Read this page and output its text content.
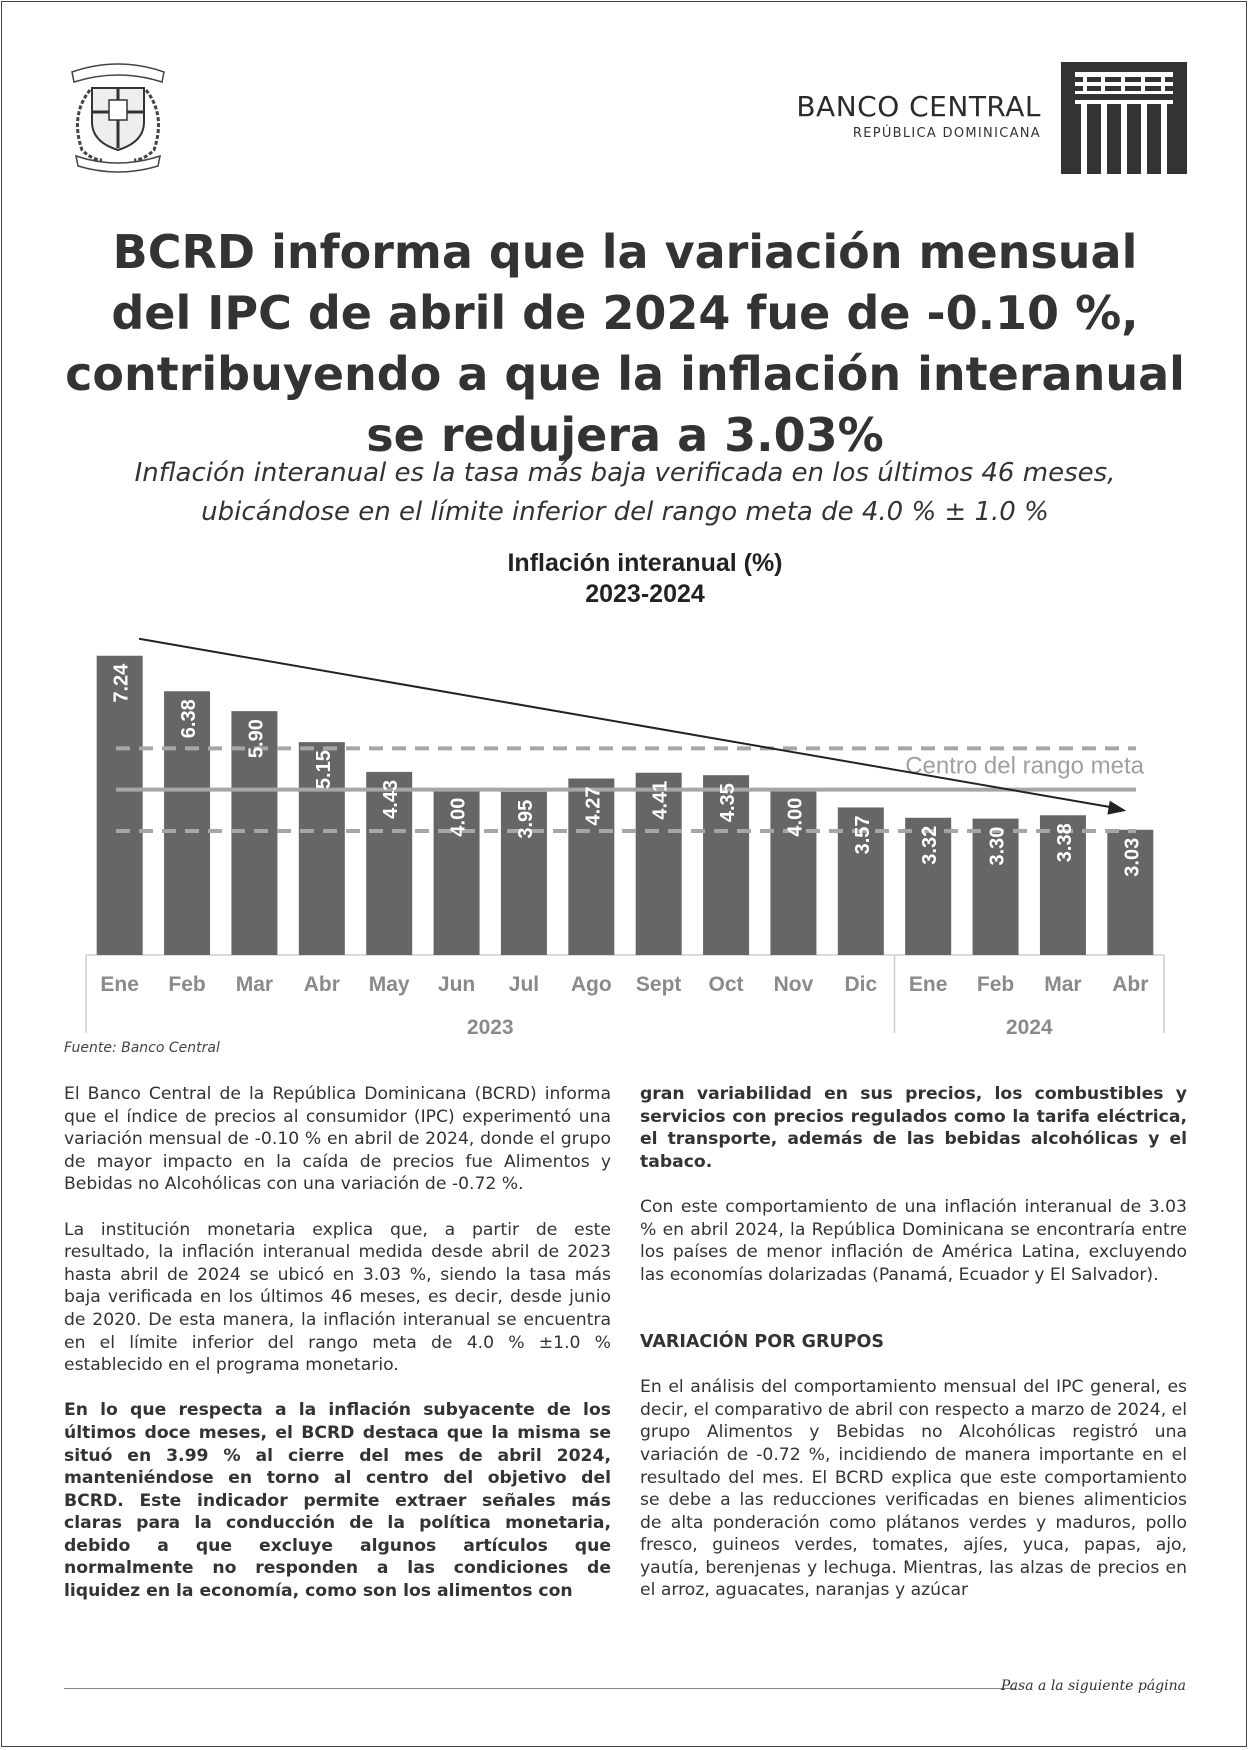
BANCO CENTRAL
REPÚBLICA DOMINICANA
BCRD informa que la variación mensual
del IPC de abril de 2024 fue de -0.10 %,
contribuyendo a que la inflación interanual
se redujera a 3.03%
Inflación interanual es la tasa más baja verificada en los últimos 46 meses,
ubicándose en el límite inferior del rango meta de 4.0 % ± 1.0 %
Inflación interanual (%)
2023-2024
Centro del rango meta
7.24
6.38
5.90
5.15
4.43 4.00 3.95 4.27 4.41 4.35 4.00 3.57 3.32 3.30 3.38 3.03
Ene Feb Mar Abr May Jun Jul Ago Sept Oct Nov Dic Ene Feb Mar Abr
2023	2024
Fuente: Banco Central

El Banco Central de la República Dominicana (BCRD) informa que el índice de precios al consumidor (IPC) experimentó una variación mensual de -0.10 % en abril de 2024, donde el grupo de mayor impacto en la caída de precios fue Alimentos y Bebidas no Alcohólicas con una variación de -0.72 %.

La institución monetaria explica que, a partir de este resultado, la inflación interanual medida desde abril de 2023 hasta abril de 2024 se ubicó en 3.03 %, siendo la tasa más baja verificada en los últimos 46 meses, es decir, desde junio de 2020. De esta manera, la inflación interanual se encuentra en el límite inferior del rango meta de 4.0 % ±1.0 % establecido en el programa monetario.

En lo que respecta a la inflación subyacente de los últimos doce meses, el BCRD destaca que la misma se situó en 3.99 % al cierre del mes de abril 2024, manteniéndose en torno al centro del objetivo del BCRD. Este indicador permite extraer señales más claras para la conducción de la política monetaria, debido a que excluye algunos artículos que normalmente no responden a las condiciones de liquidez en la economía, como son los alimentos con

gran variabilidad en sus precios, los combustibles y servicios con precios regulados como la tarifa eléctrica, el transporte, además de las bebidas alcohólicas y el tabaco.

Con este comportamiento de una inflación interanual de 3.03 % en abril 2024, la República Dominicana se encontraría entre los países de menor inflación de América Latina, excluyendo las economías dolarizadas (Panamá, Ecuador y El Salvador).

VARIACIÓN POR GRUPOS

En el análisis del comportamiento mensual del IPC general, es decir, el comparativo de abril con respecto a marzo de 2024, el grupo Alimentos y Bebidas no Alcohólicas registró una variación de -0.72 %, incidiendo de manera importante en el resultado del mes. El BCRD explica que este comportamiento se debe a las reducciones verificadas en bienes alimenticios de alta ponderación como plátanos verdes y maduros, pollo fresco, guineos verdes, tomates, ajíes, yuca, papas, ajo, yautía, berenjenas y lechuga. Mientras, las alzas de precios en el arroz, aguacates, naranjas y azúcar

Pasa a la siguiente página
